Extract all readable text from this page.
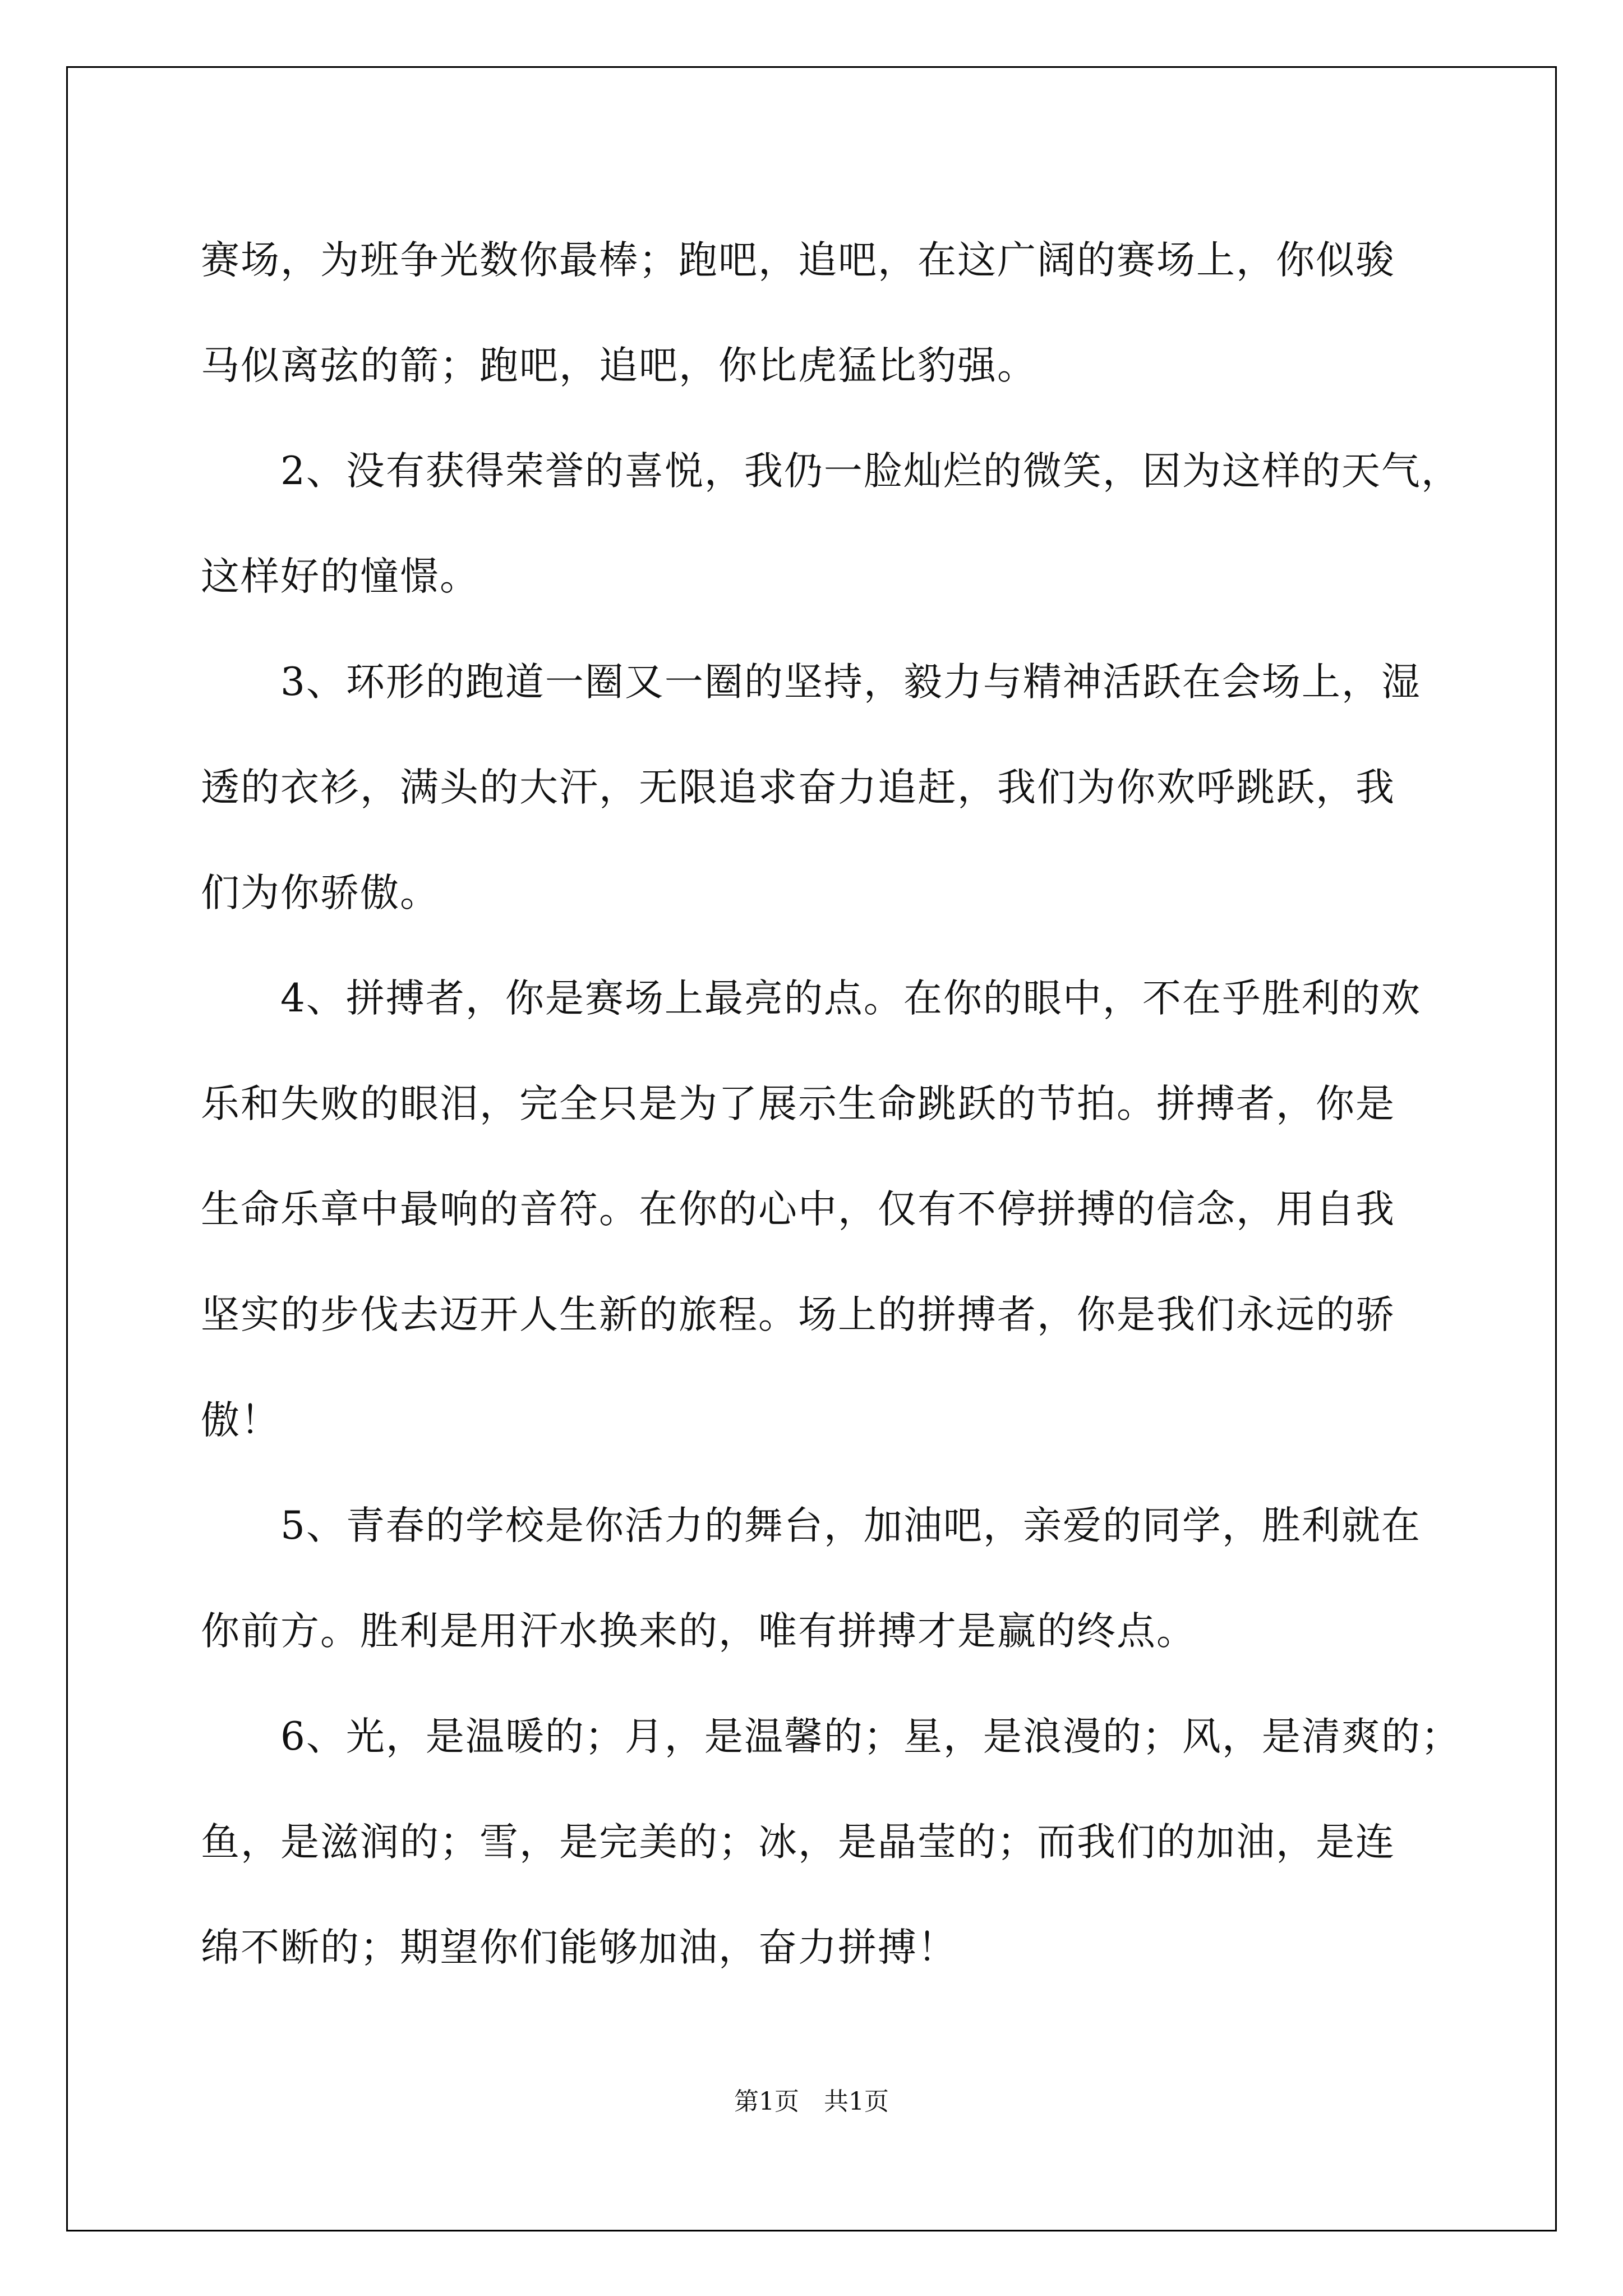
赛场，为班争光数你最棒；跑吧，追吧，在这广阔的赛场上，你似骏
马似离弦的箭；跑吧，追吧，你比虎猛比豹强。
2、没有获得荣誉的喜悦，我仍一脸灿烂的微笑，因为这样的天气，
这样好的憧憬。
3、环形的跑道一圈又一圈的坚持，毅力与精神活跃在会场上，湿
透的衣衫，满头的大汗，无限追求奋力追赶，我们为你欢呼跳跃，我
们为你骄傲。
4、拼搏者，你是赛场上最亮的点。在你的眼中，不在乎胜利的欢
乐和失败的眼泪，完全只是为了展示生命跳跃的节拍。拼搏者，你是
生命乐章中最响的音符。在你的心中，仅有不停拼搏的信念，用自我
坚实的步伐去迈开人生新的旅程。场上的拼搏者，你是我们永远的骄
傲！
5、青春的学校是你活力的舞台，加油吧，亲爱的同学，胜利就在
你前方。胜利是用汗水换来的，唯有拼搏才是赢的终点。
6、光，是温暖的；月，是温馨的；星，是浪漫的；风，是清爽的；
鱼，是滋润的；雪，是完美的；冰，是晶莹的；而我们的加油，是连
绵不断的；期望你们能够加油，奋力拼搏！
第1页　共1页
